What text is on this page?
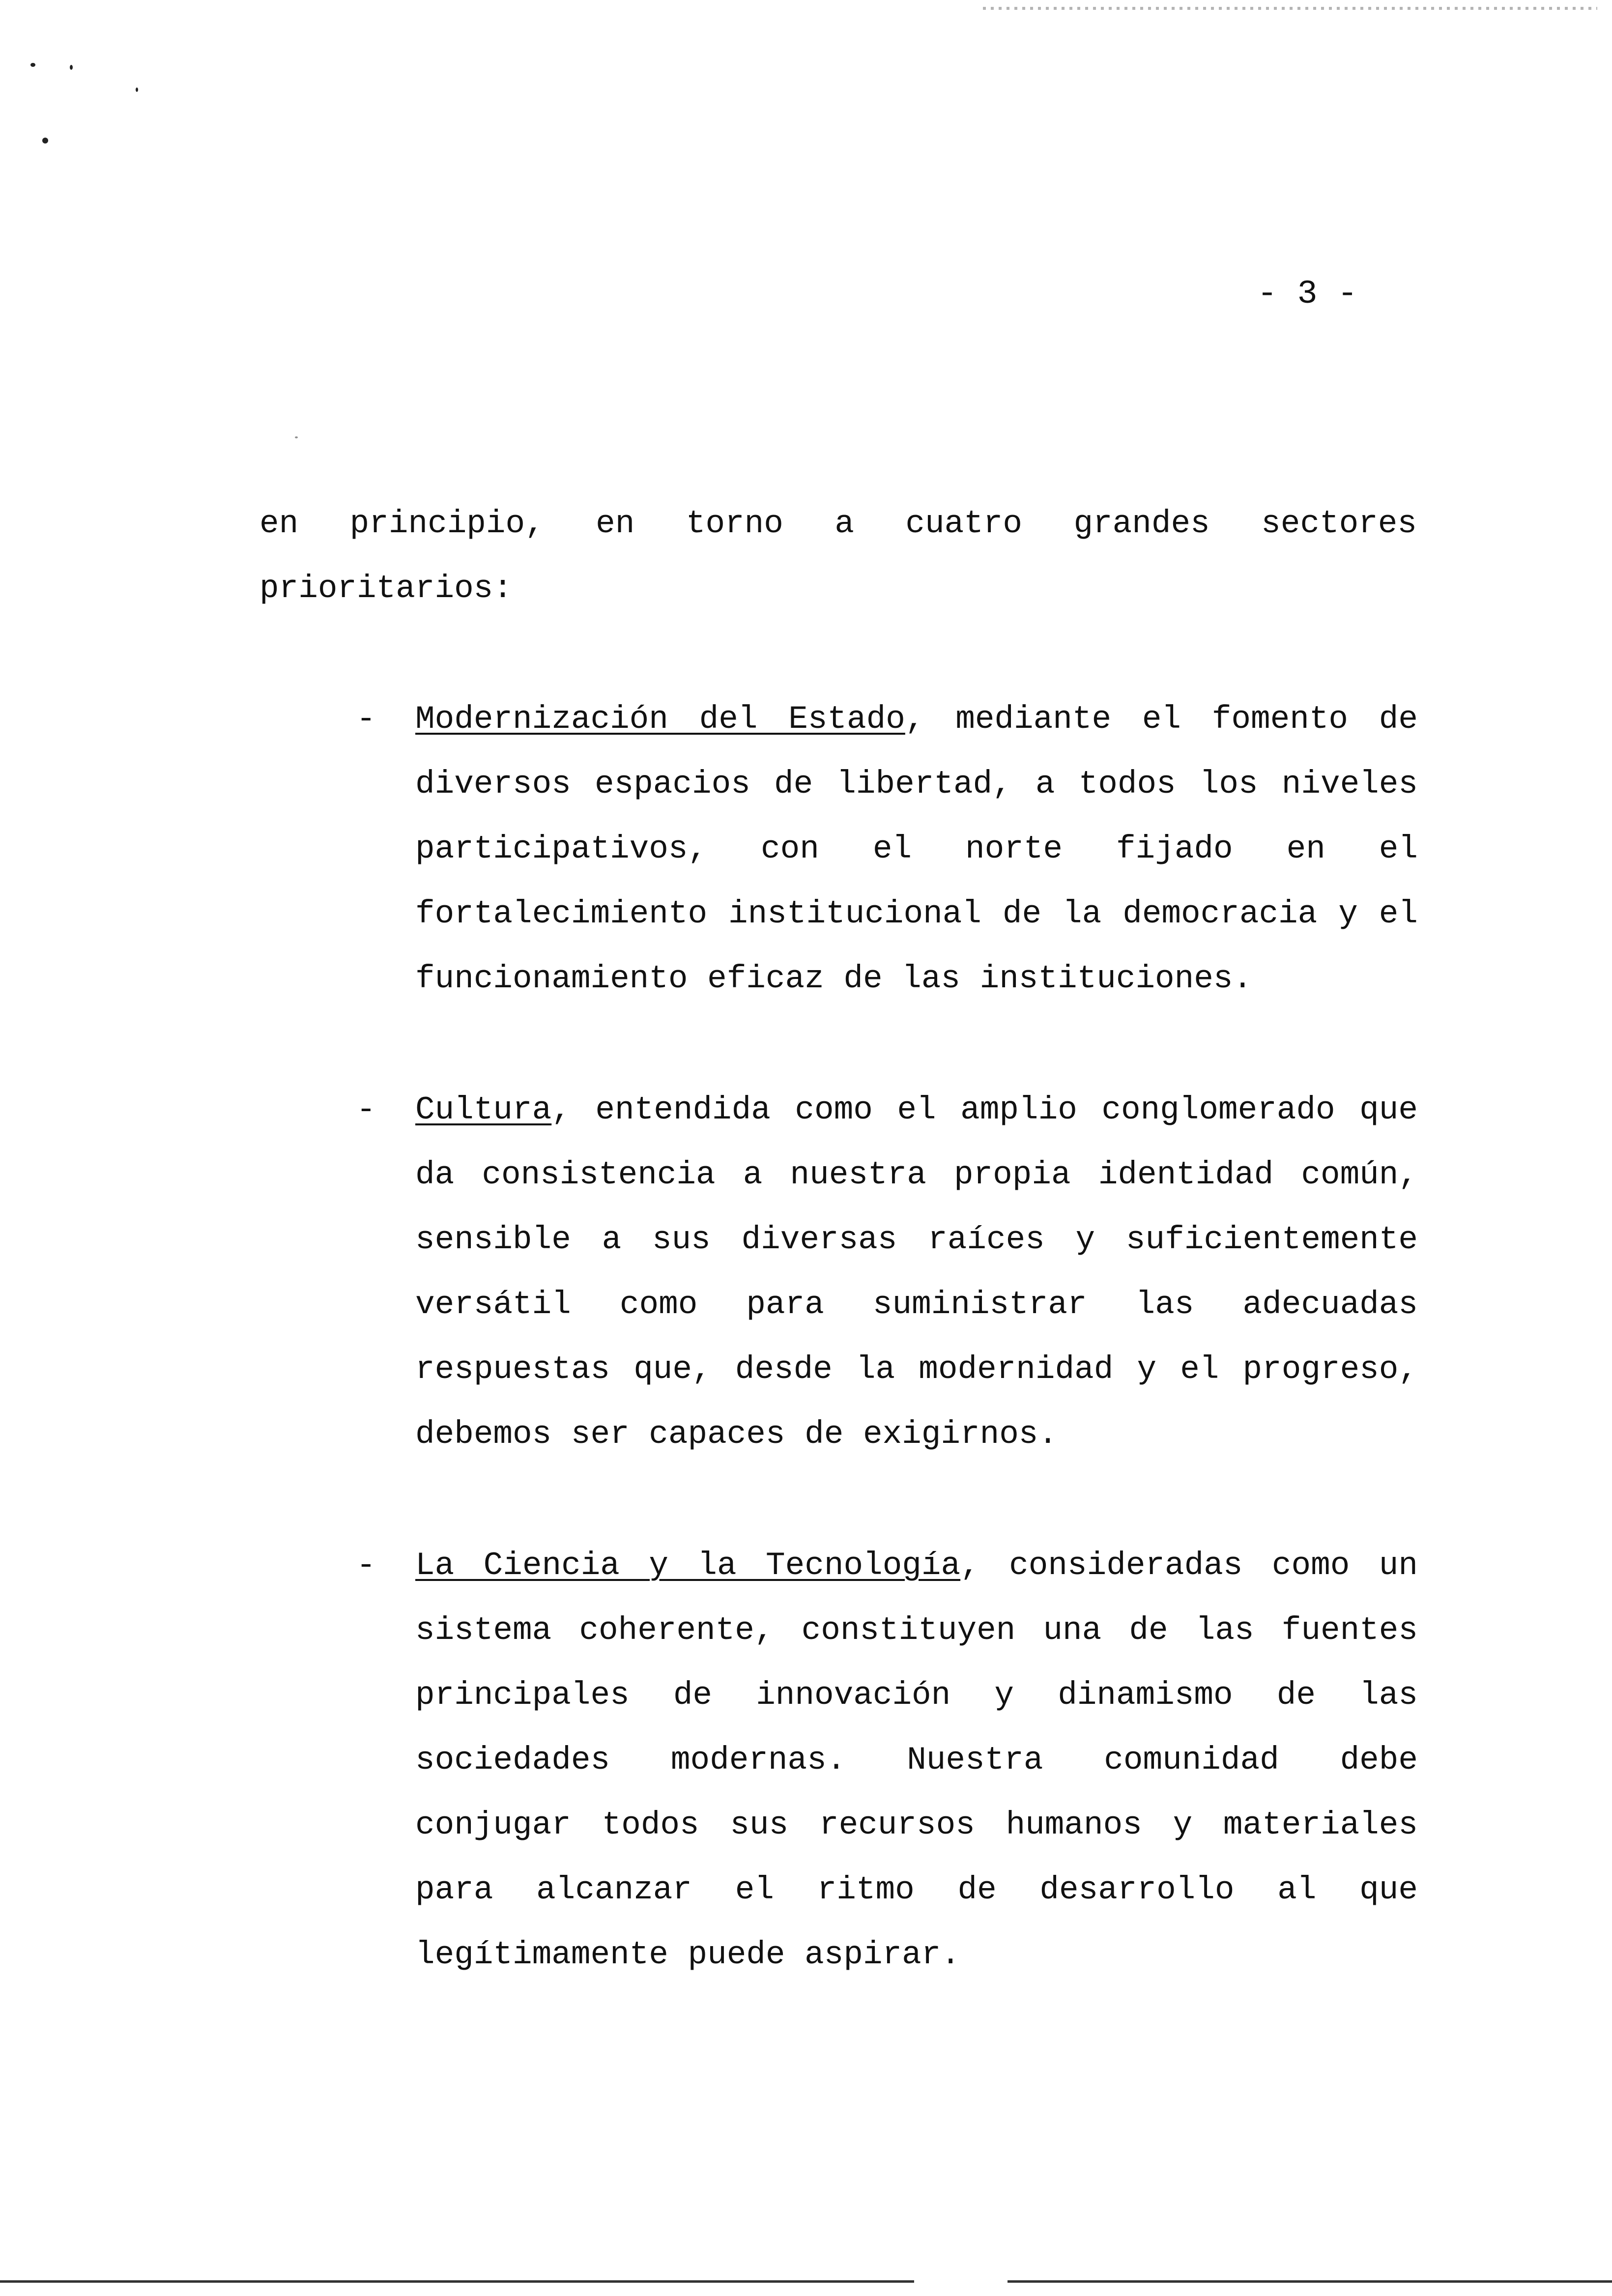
- 3 -
en principio, en torno a cuatro grandes sectores prioritarios:
-	Modernización del Estado, mediante el fomento de diversos espacios de libertad, a todos los niveles participativos, con el norte fijado en el fortalecimiento institucional de la democracia y el funcionamiento eficaz de las instituciones.
-	Cultura, entendida como el amplio conglomerado que da consistencia a nuestra propia identidad común, sensible a sus diversas raíces y suficientemente versátil como para suministrar las adecuadas respuestas que, desde la modernidad y el progreso, debemos ser capaces de exigirnos.
-	La Ciencia y la Tecnología, consideradas como un sistema coherente, constituyen una de las fuentes principales de innovación y dinamismo de las sociedades modernas. Nuestra comunidad debe conjugar todos sus recursos humanos y materiales para alcanzar el ritmo de desarrollo al que legítimamente puede aspirar.
